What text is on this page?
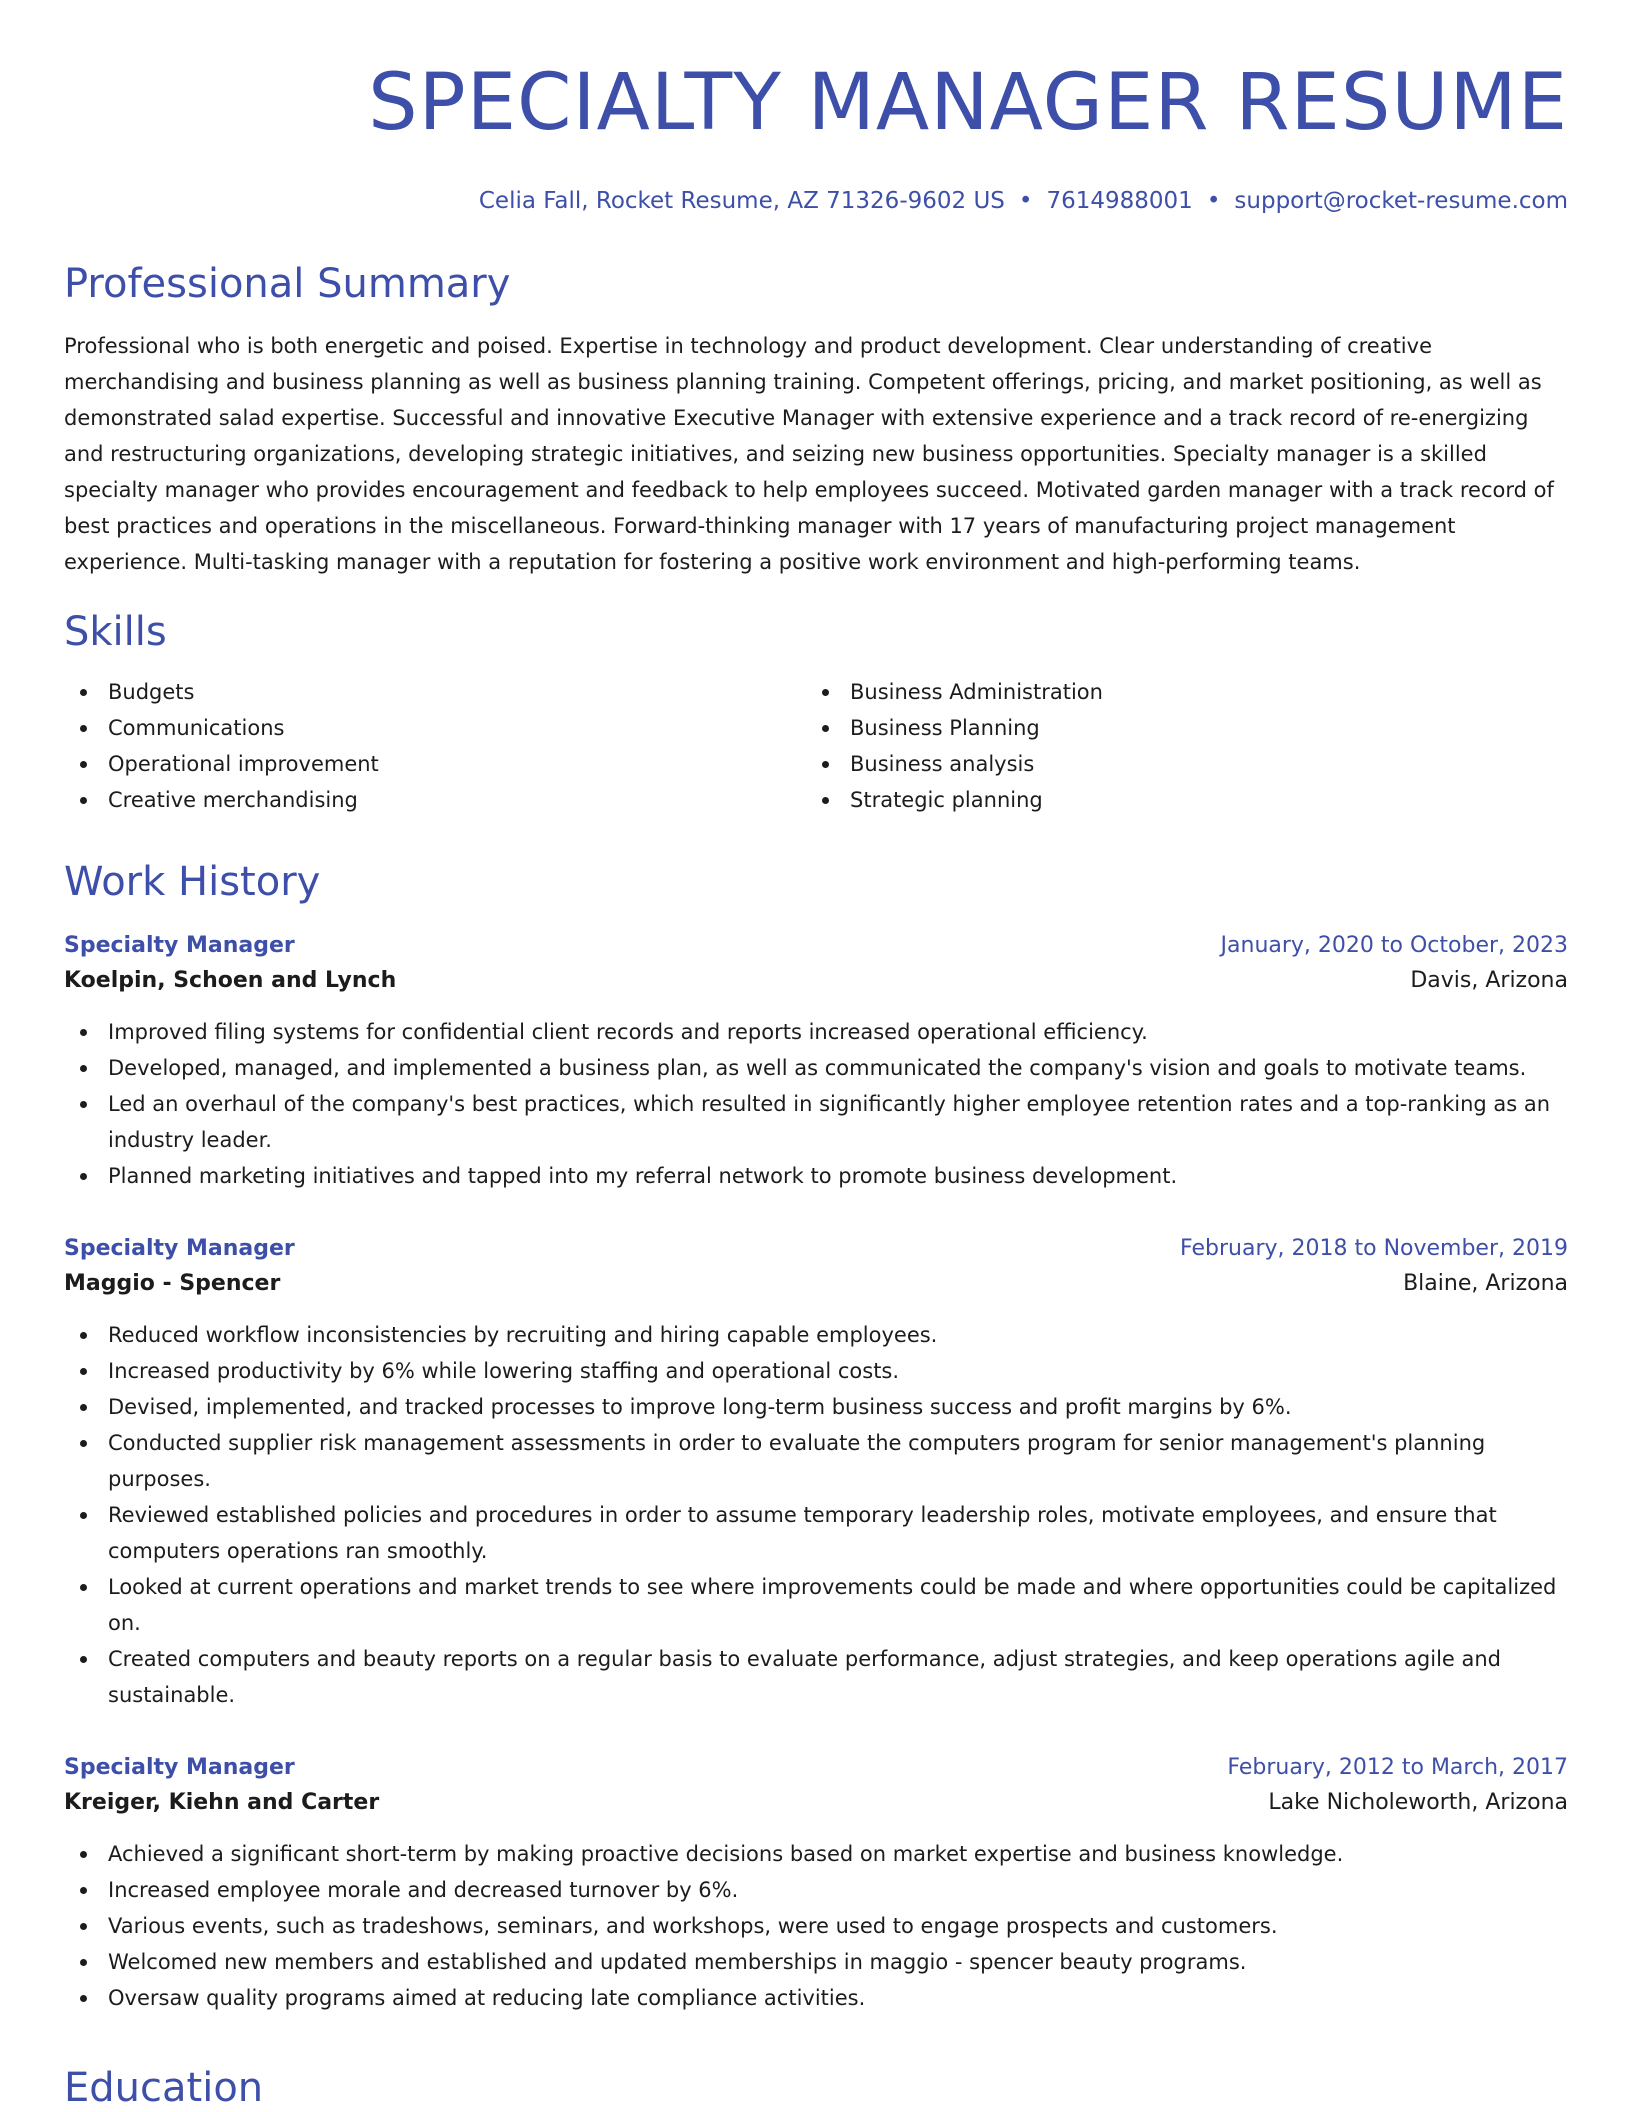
SPECIALTY MANAGER RESUME
Celia Fall, Rocket Resume, AZ 71326-9602 US • 7614988001 • support@rocket-resume.com
Professional Summary

Professional who is both energetic and poised. Expertise in technology and product development. Clear understanding of creative merchandising and business planning as well as business planning training. Competent offerings, pricing, and market positioning, as well as demonstrated salad expertise. Successful and innovative Executive Manager with extensive experience and a track record of re-energizing and restructuring organizations, developing strategic initiatives, and seizing new business opportunities. Specialty manager is a skilled specialty manager who provides encouragement and feedback to help employees succeed. Motivated garden manager with a track record of best practices and operations in the miscellaneous. Forward-thinking manager with 17 years of manufacturing project management experience. Multi-tasking manager with a reputation for fostering a positive work environment and high-performing teams.

Skills
Budgets
Communications
Operational improvement
Creative merchandising
Business Administration
Business Planning
Business analysis
Strategic planning
Work History
Specialty Manager	January, 2020 to October, 2023
Koelpin, Schoen and Lynch	Davis, Arizona
Improved filing systems for confidential client records and reports increased operational efficiency.
Developed, managed, and implemented a business plan, as well as communicated the company's vision and goals to motivate teams.
Led an overhaul of the company's best practices, which resulted in significantly higher employee retention rates and a top-ranking as an industry leader.
Planned marketing initiatives and tapped into my referral network to promote business development.
Specialty Manager	February, 2018 to November, 2019
Maggio - Spencer	Blaine, Arizona
Reduced workflow inconsistencies by recruiting and hiring capable employees.
Increased productivity by 6% while lowering staffing and operational costs.
Devised, implemented, and tracked processes to improve long-term business success and profit margins by 6%.
Conducted supplier risk management assessments in order to evaluate the computers program for senior management's planning purposes.
Reviewed established policies and procedures in order to assume temporary leadership roles, motivate employees, and ensure that computers operations ran smoothly.
Looked at current operations and market trends to see where improvements could be made and where opportunities could be capitalized on.
Created computers and beauty reports on a regular basis to evaluate performance, adjust strategies, and keep operations agile and sustainable.
Specialty Manager	February, 2012 to March, 2017
Kreiger, Kiehn and Carter	Lake Nicholeworth, Arizona
Achieved a significant short-term by making proactive decisions based on market expertise and business knowledge.
Increased employee morale and decreased turnover by 6%.
Various events, such as tradeshows, seminars, and workshops, were used to engage prospects and customers.
Welcomed new members and established and updated memberships in maggio - spencer beauty programs.
Oversaw quality programs aimed at reducing late compliance activities.
Education
